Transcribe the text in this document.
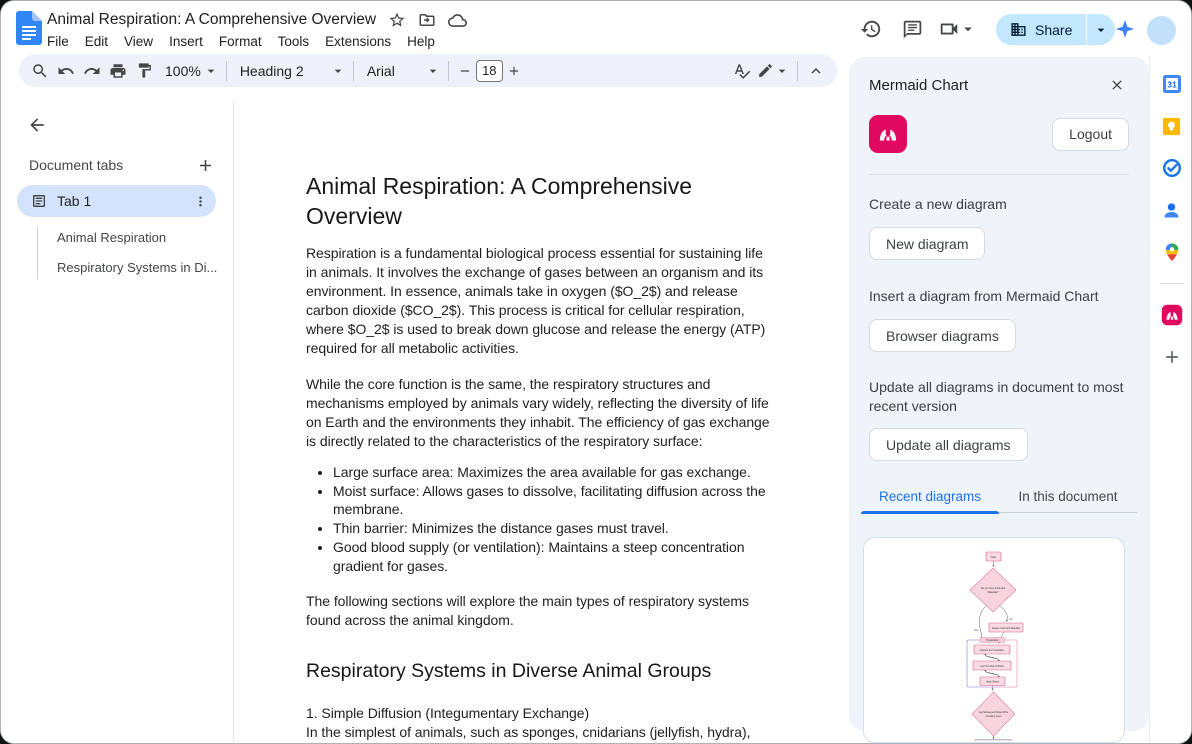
Animal Respiration: A Comprehensive Overview
File	Edit	View	Insert	Format	Tools	Extensions	Help
Share
100%	Heading 2	Arial	18
Document tabs
Tab 1
Animal Respiration
Respiratory Systems in Di...
Animal Respiration: A Comprehensive Overview

Respiration is a fundamental biological process essential for sustaining life in animals. It involves the exchange of gases between an organism and its environment. In essence, animals take in oxygen ($O_2$) and release carbon dioxide ($CO_2$). This process is critical for cellular respiration, where $O_2$ is used to break down glucose and release the energy (ATP) required for all metabolic activities.

While the core function is the same, the respiratory structures and mechanisms employed by animals vary widely, reflecting the diversity of life on Earth and the environments they inhabit. The efficiency of gas exchange is directly related to the characteristics of the respiratory surface:

• Large surface area: Maximizes the area available for gas exchange.
• Moist surface: Allows gases to dissolve, facilitating diffusion across the membrane.
• Thin barrier: Minimizes the distance gases must travel.
• Good blood supply (or ventilation): Maintains a steep concentration gradient for gases.

The following sections will explore the main types of respiratory systems found across the animal kingdom.

Respiratory Systems in Diverse Animal Groups

1. Simple Diffusion (Integumentary Exchange)

In the simplest of animals, such as sponges, cnidarians (jellyfish, hydra),

Mermaid Chart
Logout
Create a new diagram
New diagram
Insert a diagram from Mermaid Chart
Browser diagrams
Update all diagrams in document to most recent version
Update all diagrams
Recent diagrams	In this document
Preparation
Start
Do you have Tools and
Materials?
Yes
No
Acquire Tools and Materials
Prepare the Foundation
Lay First Row of Bricks
Apply Mortar
Lay Subsequent Rows While
Checking Level
31
